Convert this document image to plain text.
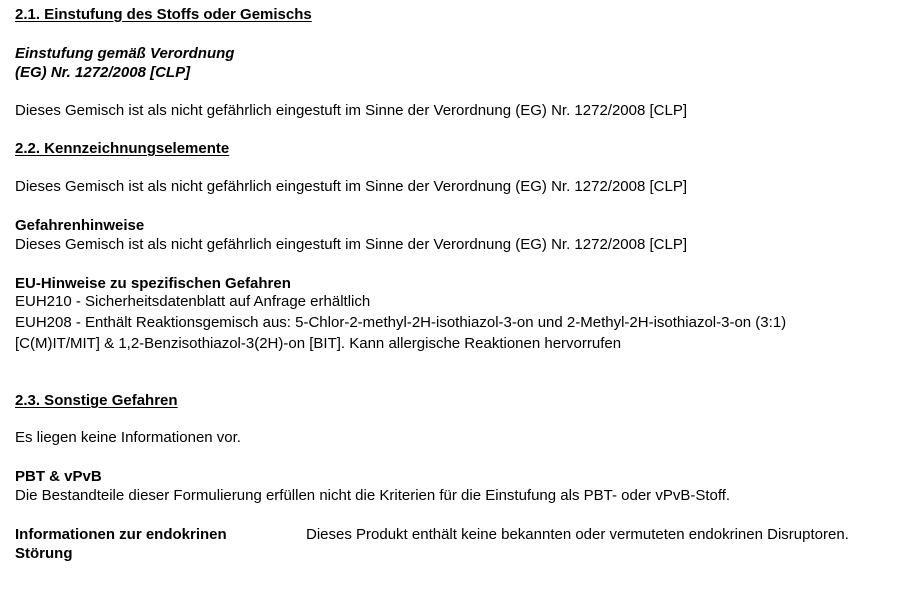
2.1. Einstufung des Stoffs oder Gemischs
Einstufung gemäß Verordnung
(EG) Nr. 1272/2008 [CLP]
Dieses Gemisch ist als nicht gefährlich eingestuft im Sinne der Verordnung (EG) Nr. 1272/2008 [CLP]
2.2. Kennzeichnungselemente
Dieses Gemisch ist als nicht gefährlich eingestuft im Sinne der Verordnung (EG) Nr. 1272/2008 [CLP]
Gefahrenhinweise
Dieses Gemisch ist als nicht gefährlich eingestuft im Sinne der Verordnung (EG) Nr. 1272/2008 [CLP]
EU-Hinweise zu spezifischen Gefahren
EUH210 - Sicherheitsdatenblatt auf Anfrage erhältlich
EUH208 - Enthält Reaktionsgemisch aus: 5-Chlor-2-methyl-2H-isothiazol-3-on und 2-Methyl-2H-isothiazol-3-on (3:1)
[C(M)IT/MIT] & 1,2-Benzisothiazol-3(2H)-on [BIT]. Kann allergische Reaktionen hervorrufen
2.3. Sonstige Gefahren
Es liegen keine Informationen vor.
PBT & vPvB
Die Bestandteile dieser Formulierung erfüllen nicht die Kriterien für die Einstufung als PBT- oder vPvB-Stoff.
Informationen zur endokrinen
Störung
Dieses Produkt enthält keine bekannten oder vermuteten endokrinen Disruptoren.
